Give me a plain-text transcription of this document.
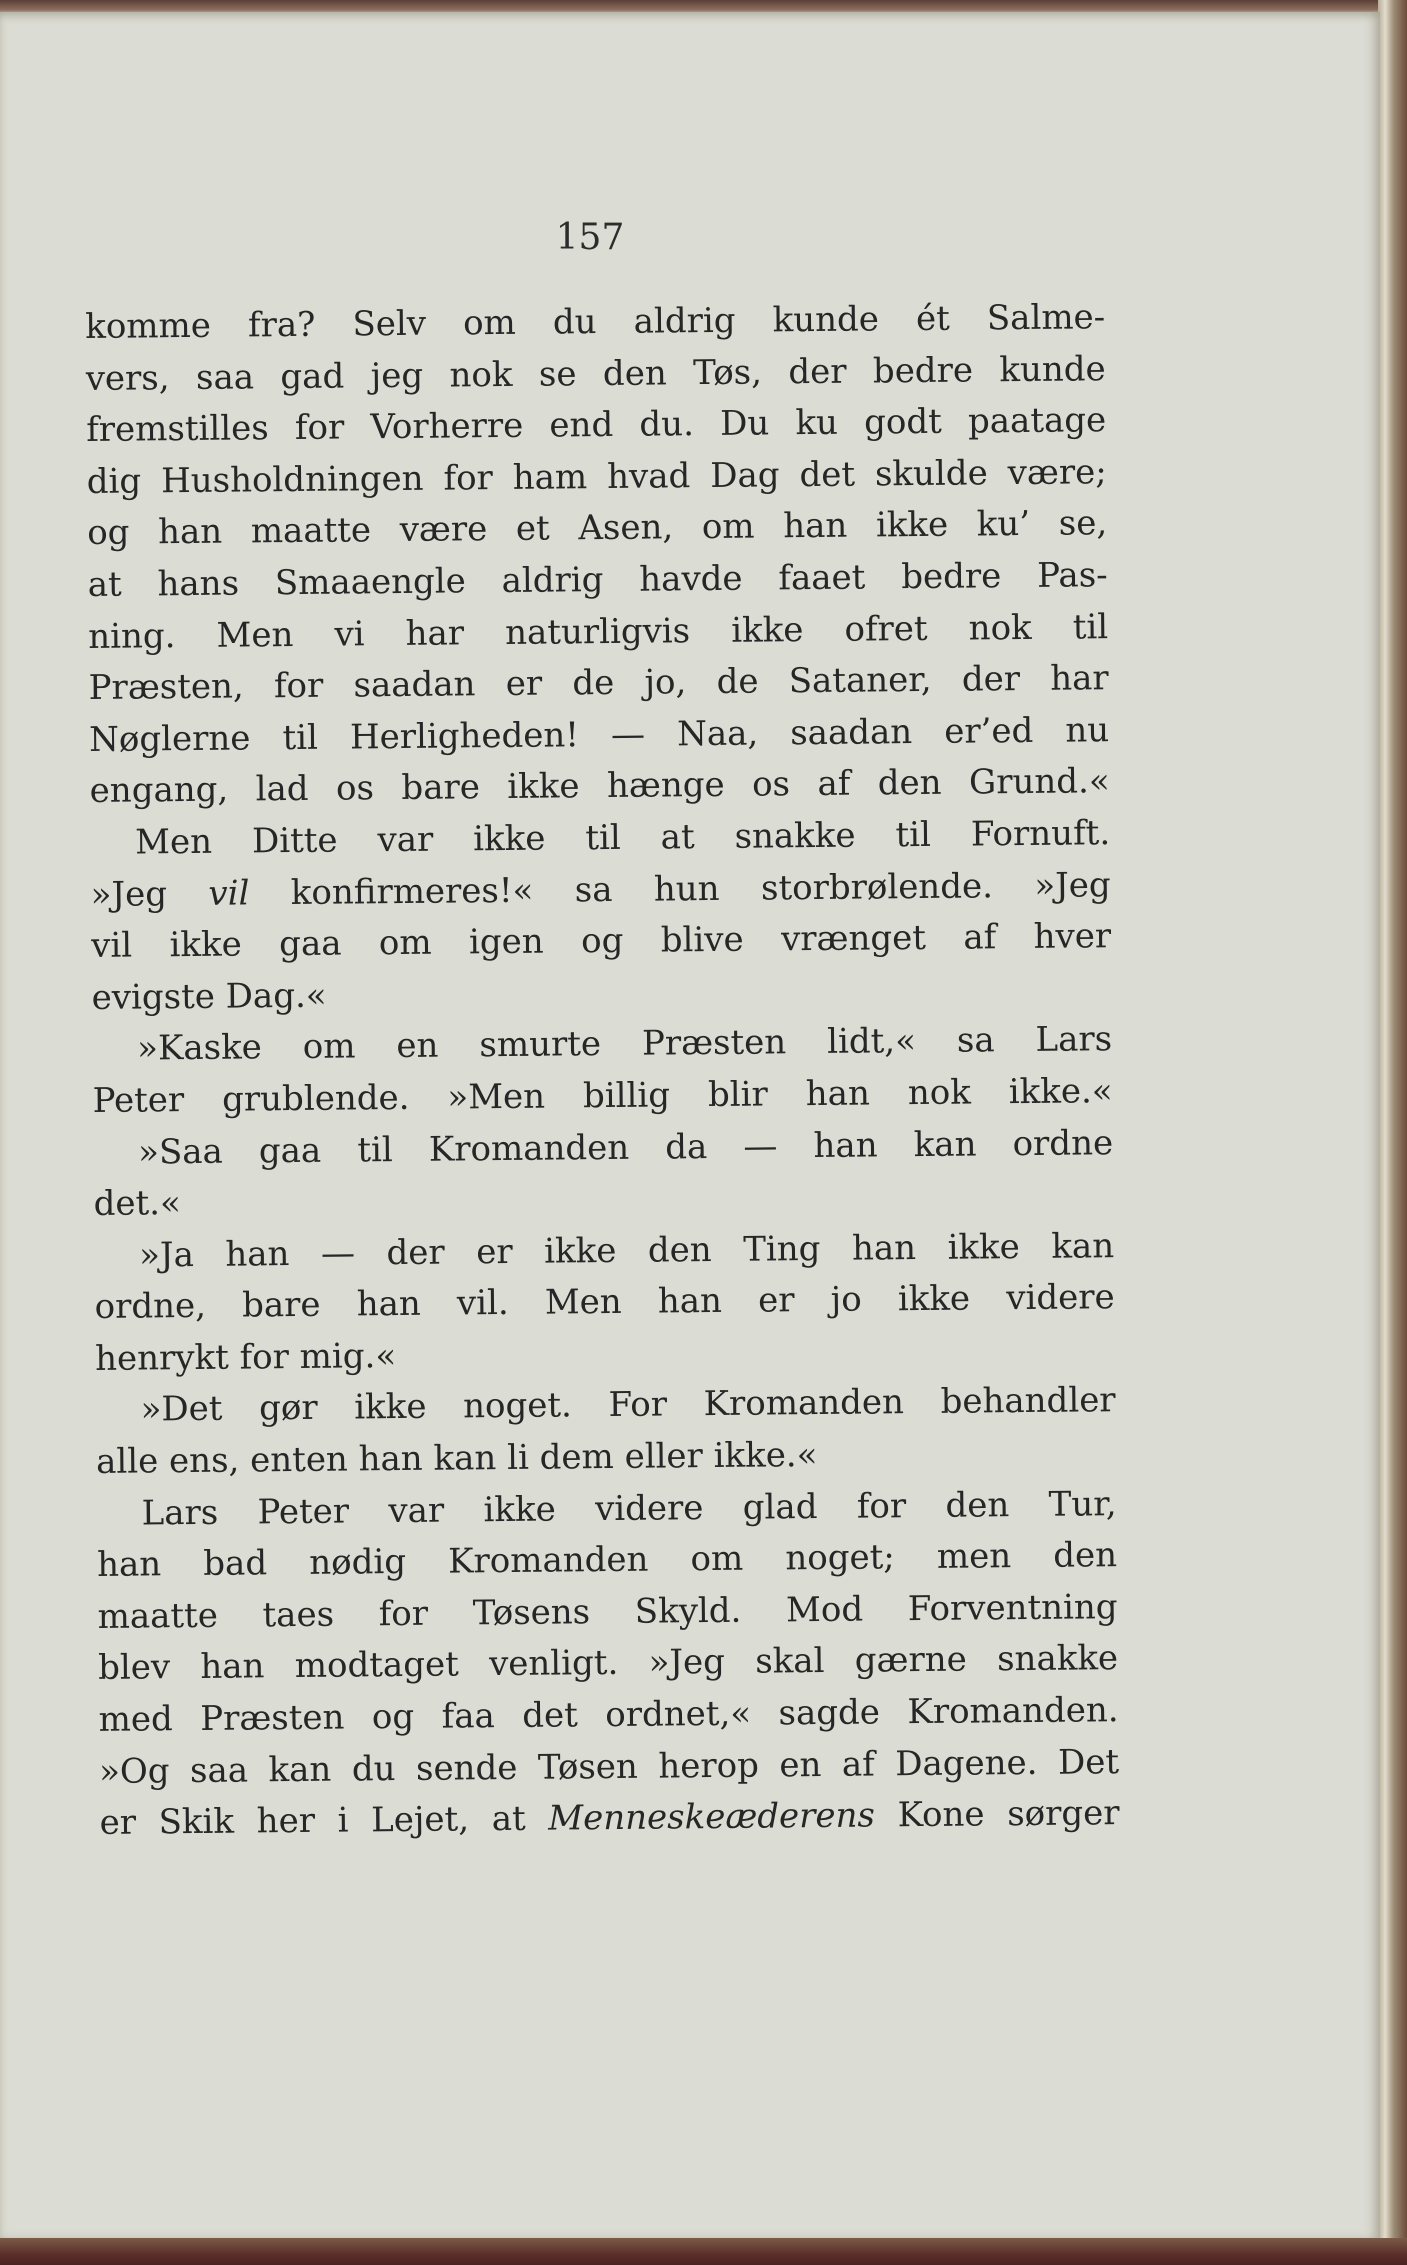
157
komme fra? Selv om du aldrig kunde ét Salme-
vers, saa gad jeg nok se den Tøs, der bedre kunde
fremstilles for Vorherre end du. Du ku godt paatage
dig Husholdningen for ham hvad Dag det skulde være;
og han maatte være et Asen, om han ikke ku’ se,
at hans Smaaengle aldrig havde faaet bedre Pas-
ning. Men vi har naturligvis ikke ofret nok til
Præsten, for saadan er de jo, de Sataner, der har
Nøglerne til Herligheden! — Naa, saadan er’ed nu
engang, lad os bare ikke hænge os af den Grund.«
Men Ditte var ikke til at snakke til Fornuft.
»Jeg vil konfirmeres!« sa hun storbrølende. »Jeg
vil ikke gaa om igen og blive vrænget af hver
evigste Dag.«
»Kaske om en smurte Præsten lidt,« sa Lars
Peter grublende. »Men billig blir han nok ikke.«
»Saa gaa til Kromanden da — han kan ordne
det.«
»Ja han — der er ikke den Ting han ikke kan
ordne, bare han vil. Men han er jo ikke videre
henrykt for mig.«
»Det gør ikke noget. For Kromanden behandler
alle ens, enten han kan li dem eller ikke.«
Lars Peter var ikke videre glad for den Tur,
han bad nødig Kromanden om noget; men den
maatte taes for Tøsens Skyld. Mod Forventning
blev han modtaget venligt. »Jeg skal gærne snakke
med Præsten og faa det ordnet,« sagde Kromanden.
»Og saa kan du sende Tøsen herop en af Dagene. Det
er Skik her i Lejet, at Menneskeæderens Kone sørger
